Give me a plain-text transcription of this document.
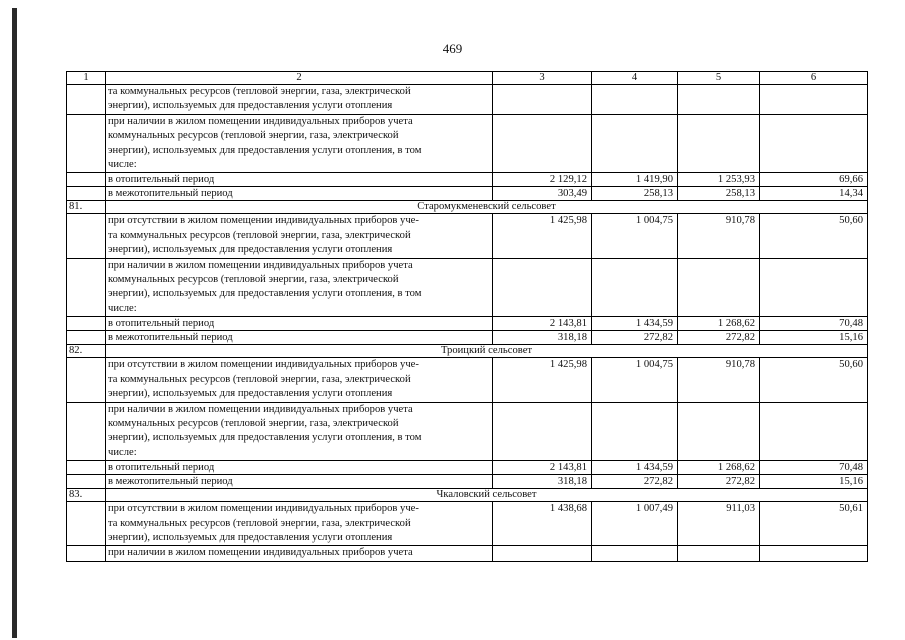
469
1	2	3	4	5	6

	та коммунальных ресурсов (тепловой энергии, газа, электрической
энергии), используемых для предоставления услуги отопления				

	при наличии в жилом помещении индивидуальных приборов учета
коммунальных ресурсов (тепловой энергии, газа, электрической
энергии), используемых для предоставления услуги отопления, в том
числе:				

	в отопительный период	2 129,12	1 419,90	1 253,93	69,66
	в межотопительный период	303,49	258,13	258,13	14,34
81.	Старомукменевский сельсовет				

	при отсутствии в жилом помещении индивидуальных приборов уче-
та коммунальных ресурсов (тепловой энергии, газа, электрической
энергии), используемых для предоставления услуги отопления	1 425,98	1 004,75	910,78	50,60

	при наличии в жилом помещении индивидуальных приборов учета
коммунальных ресурсов (тепловой энергии, газа, электрической
энергии), используемых для предоставления услуги отопления, в том
числе:				

	в отопительный период	2 143,81	1 434,59	1 268,62	70,48
	в межотопительный период	318,18	272,82	272,82	15,16
82.	Троицкий сельсовет				

	при отсутствии в жилом помещении индивидуальных приборов уче-
та коммунальных ресурсов (тепловой энергии, газа, электрической
энергии), используемых для предоставления услуги отопления	1 425,98	1 004,75	910,78	50,60

	при наличии в жилом помещении индивидуальных приборов учета
коммунальных ресурсов (тепловой энергии, газа, электрической
энергии), используемых для предоставления услуги отопления, в том
числе:				

	в отопительный период	2 143,81	1 434,59	1 268,62	70,48
	в межотопительный период	318,18	272,82	272,82	15,16
83.	Чкаловский сельсовет				

	при отсутствии в жилом помещении индивидуальных приборов уче-
та коммунальных ресурсов (тепловой энергии, газа, электрической
энергии), используемых для предоставления услуги отопления	1 438,68	1 007,49	911,03	50,61

	при наличии в жилом помещении индивидуальных приборов учета				
